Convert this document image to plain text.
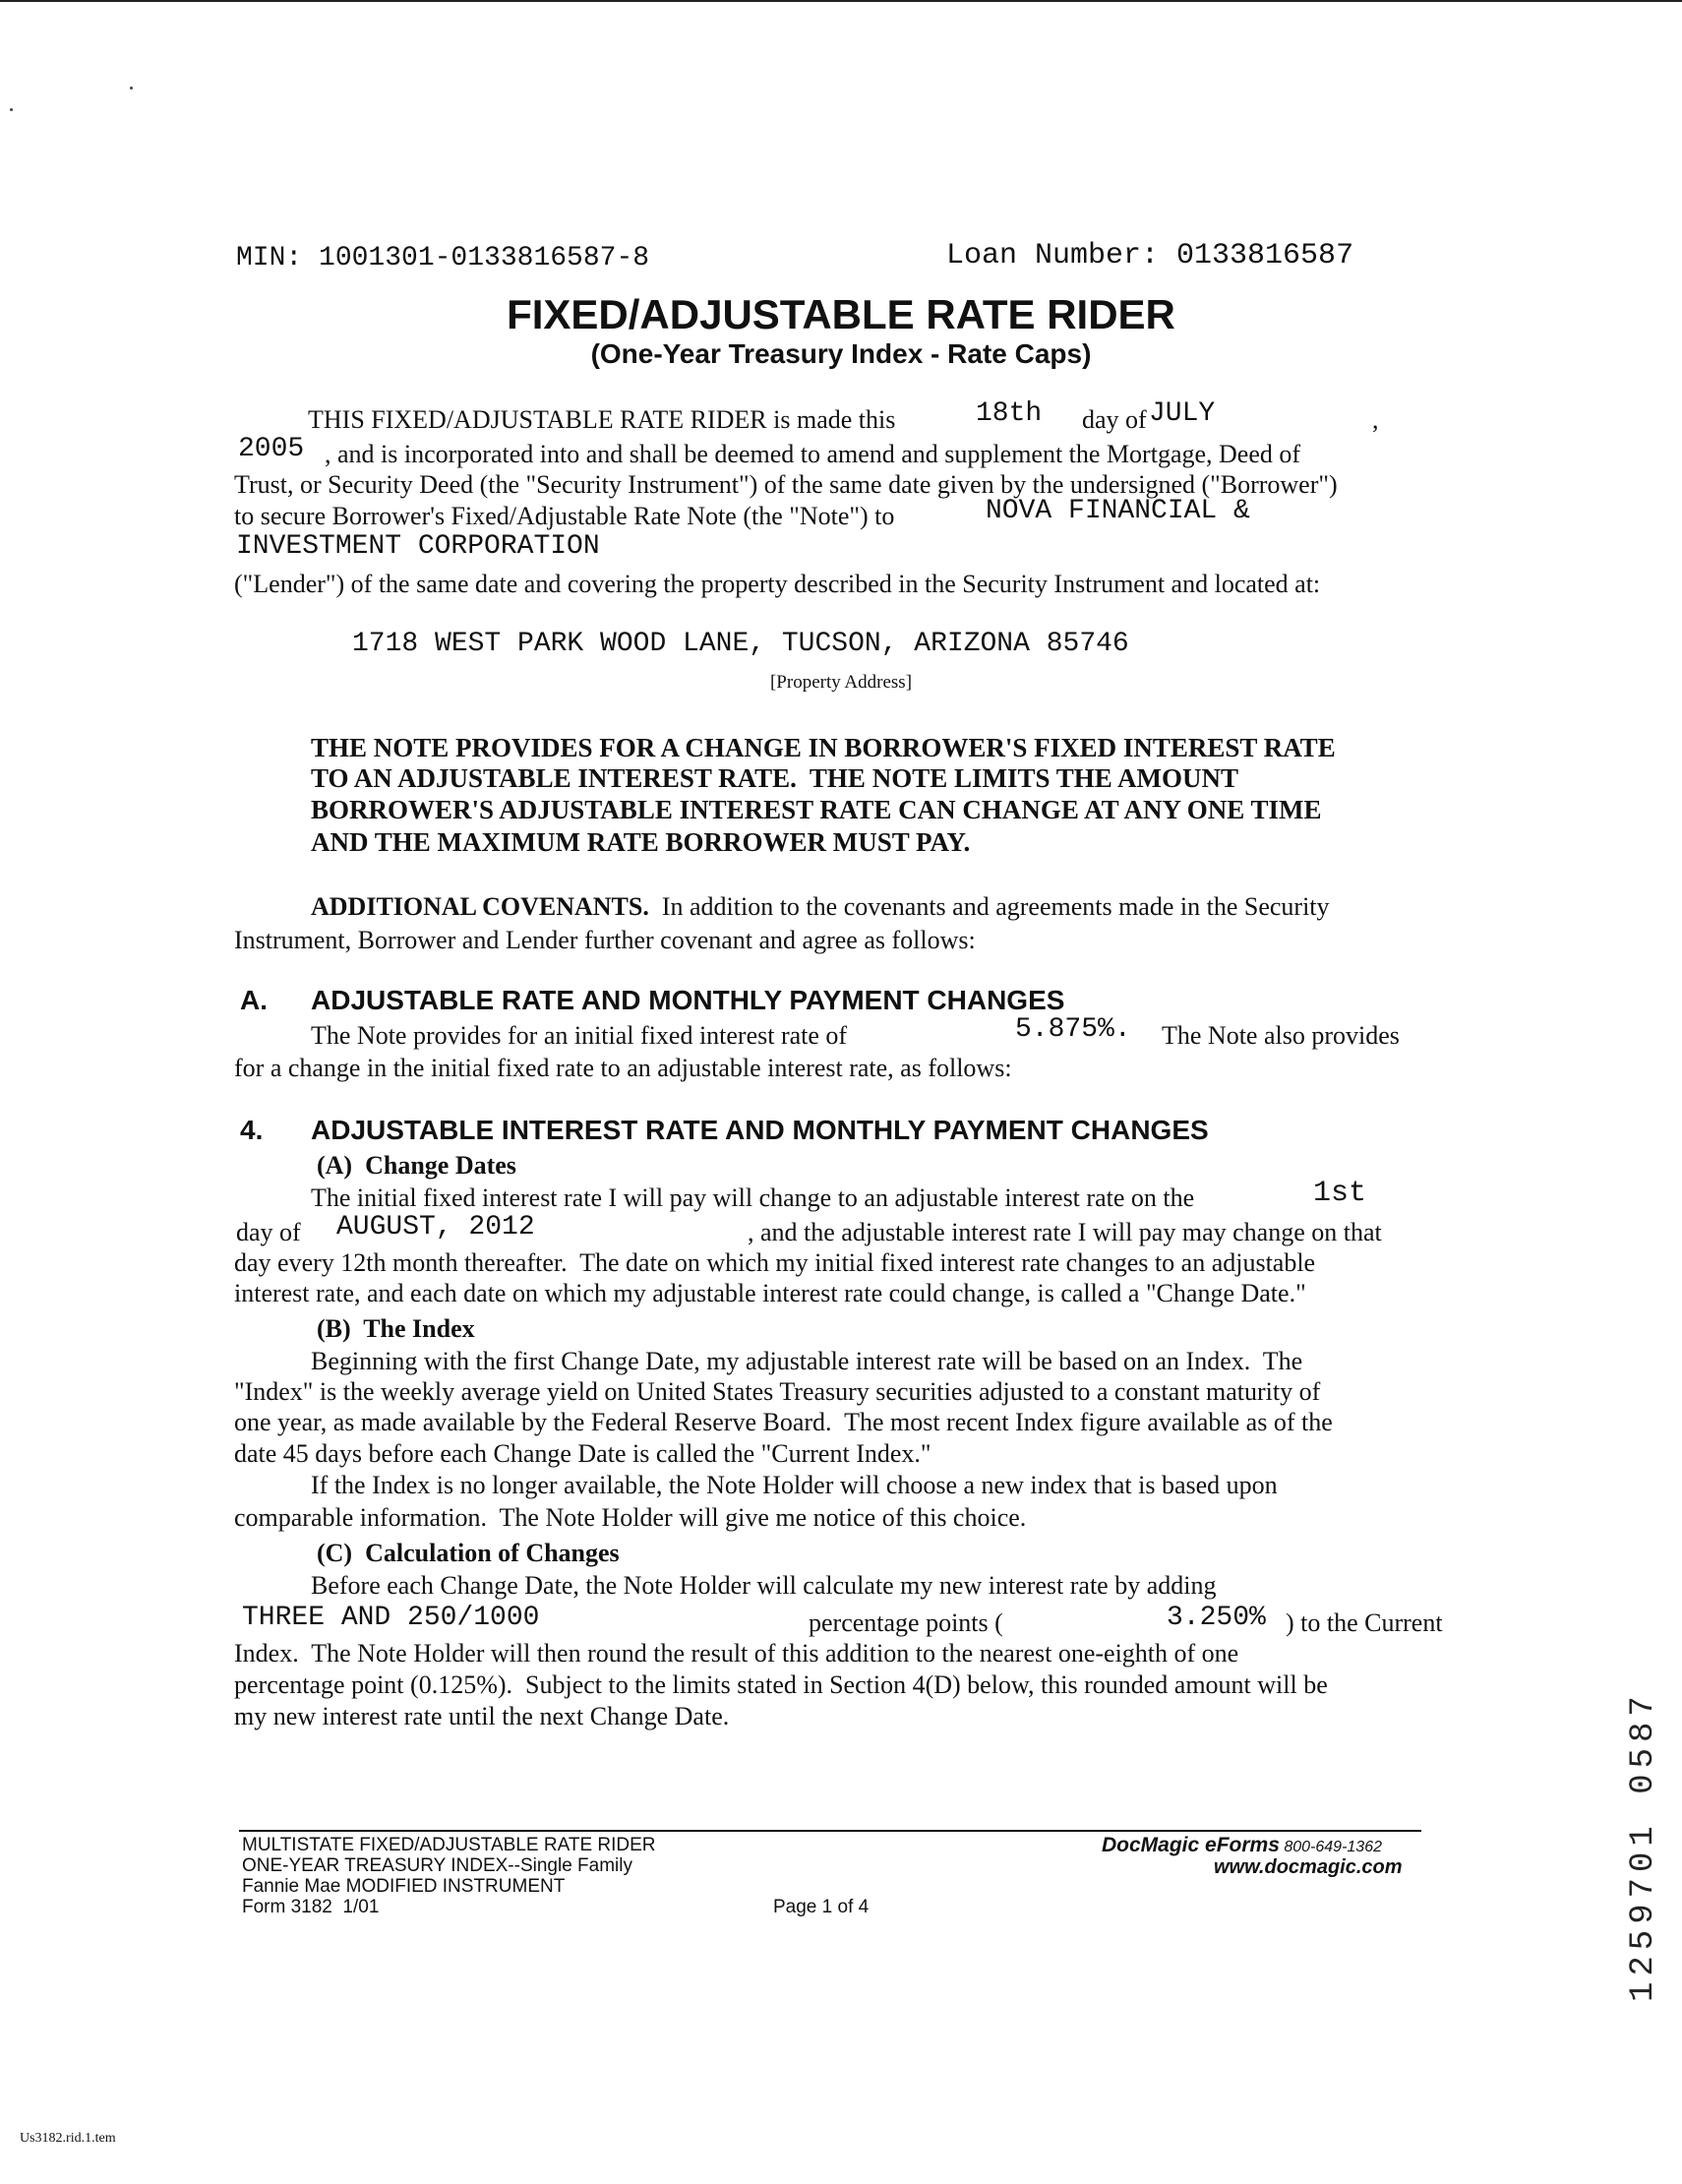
MIN: 1001301-0133816587-8	Loan Number: 0133816587
FIXED/ADJUSTABLE RATE RIDER
(One-Year Treasury Index - Rate Caps)
THIS FIXED/ADJUSTABLE RATE RIDER is made this	18th day of JULY	,
2005 , and is incorporated into and shall be deemed to amend and supplement the Mortgage, Deed of
Trust, or Security Deed (the "Security Instrument") of the same date given by the undersigned ("Borrower")
to secure Borrower's Fixed/Adjustable Rate Note (the "Note") to	NOVA FINANCIAL &
INVESTMENT CORPORATION
("Lender") of the same date and covering the property described in the Security Instrument and located at:
1718 WEST PARK WOOD LANE, TUCSON, ARIZONA 85746
[Property Address]
THE NOTE PROVIDES FOR A CHANGE IN BORROWER'S FIXED INTEREST RATE
TO AN ADJUSTABLE INTEREST RATE.  THE NOTE LIMITS THE AMOUNT
BORROWER'S ADJUSTABLE INTEREST RATE CAN CHANGE AT ANY ONE TIME
AND THE MAXIMUM RATE BORROWER MUST PAY.
ADDITIONAL COVENANTS. In addition to the covenants and agreements made in the Security
Instrument, Borrower and Lender further covenant and agree as follows:
A. ADJUSTABLE RATE AND MONTHLY PAYMENT CHANGES
The Note provides for an initial fixed interest rate of	5.875%. The Note also provides
for a change in the initial fixed rate to an adjustable interest rate, as follows:
4. ADJUSTABLE INTEREST RATE AND MONTHLY PAYMENT CHANGES
(A)  Change Dates
The initial fixed interest rate I will pay will change to an adjustable interest rate on the	1st
day of AUGUST, 2012	, and the adjustable interest rate I will pay may change on that
day every 12th month thereafter.  The date on which my initial fixed interest rate changes to an adjustable
interest rate, and each date on which my adjustable interest rate could change, is called a "Change Date."
(B)  The Index
Beginning with the first Change Date, my adjustable interest rate will be based on an Index.  The
"Index" is the weekly average yield on United States Treasury securities adjusted to a constant maturity of
one year, as made available by the Federal Reserve Board.  The most recent Index figure available as of the
date 45 days before each Change Date is called the "Current Index."
If the Index is no longer available, the Note Holder will choose a new index that is based upon
comparable information.  The Note Holder will give me notice of this choice.
(C)  Calculation of Changes
Before each Change Date, the Note Holder will calculate my new interest rate by adding
THREE AND 250/1000	percentage points (	3.250% ) to the Current
Index.  The Note Holder will then round the result of this addition to the nearest one-eighth of one
percentage point (0.125%).  Subject to the limits stated in Section 4(D) below, this rounded amount will be
my new interest rate until the next Change Date.	1259701 0587
MULTISTATE FIXED/ADJUSTABLE RATE RIDER
ONE-YEAR TREASURY INDEX--Single Family
Fannie Mae MODIFIED INSTRUMENT
Form 3182  1/01	Page 1 of 4
DocMagic eForms 800-649-1362
www.docmagic.com
Us3182.rid.1.tem
